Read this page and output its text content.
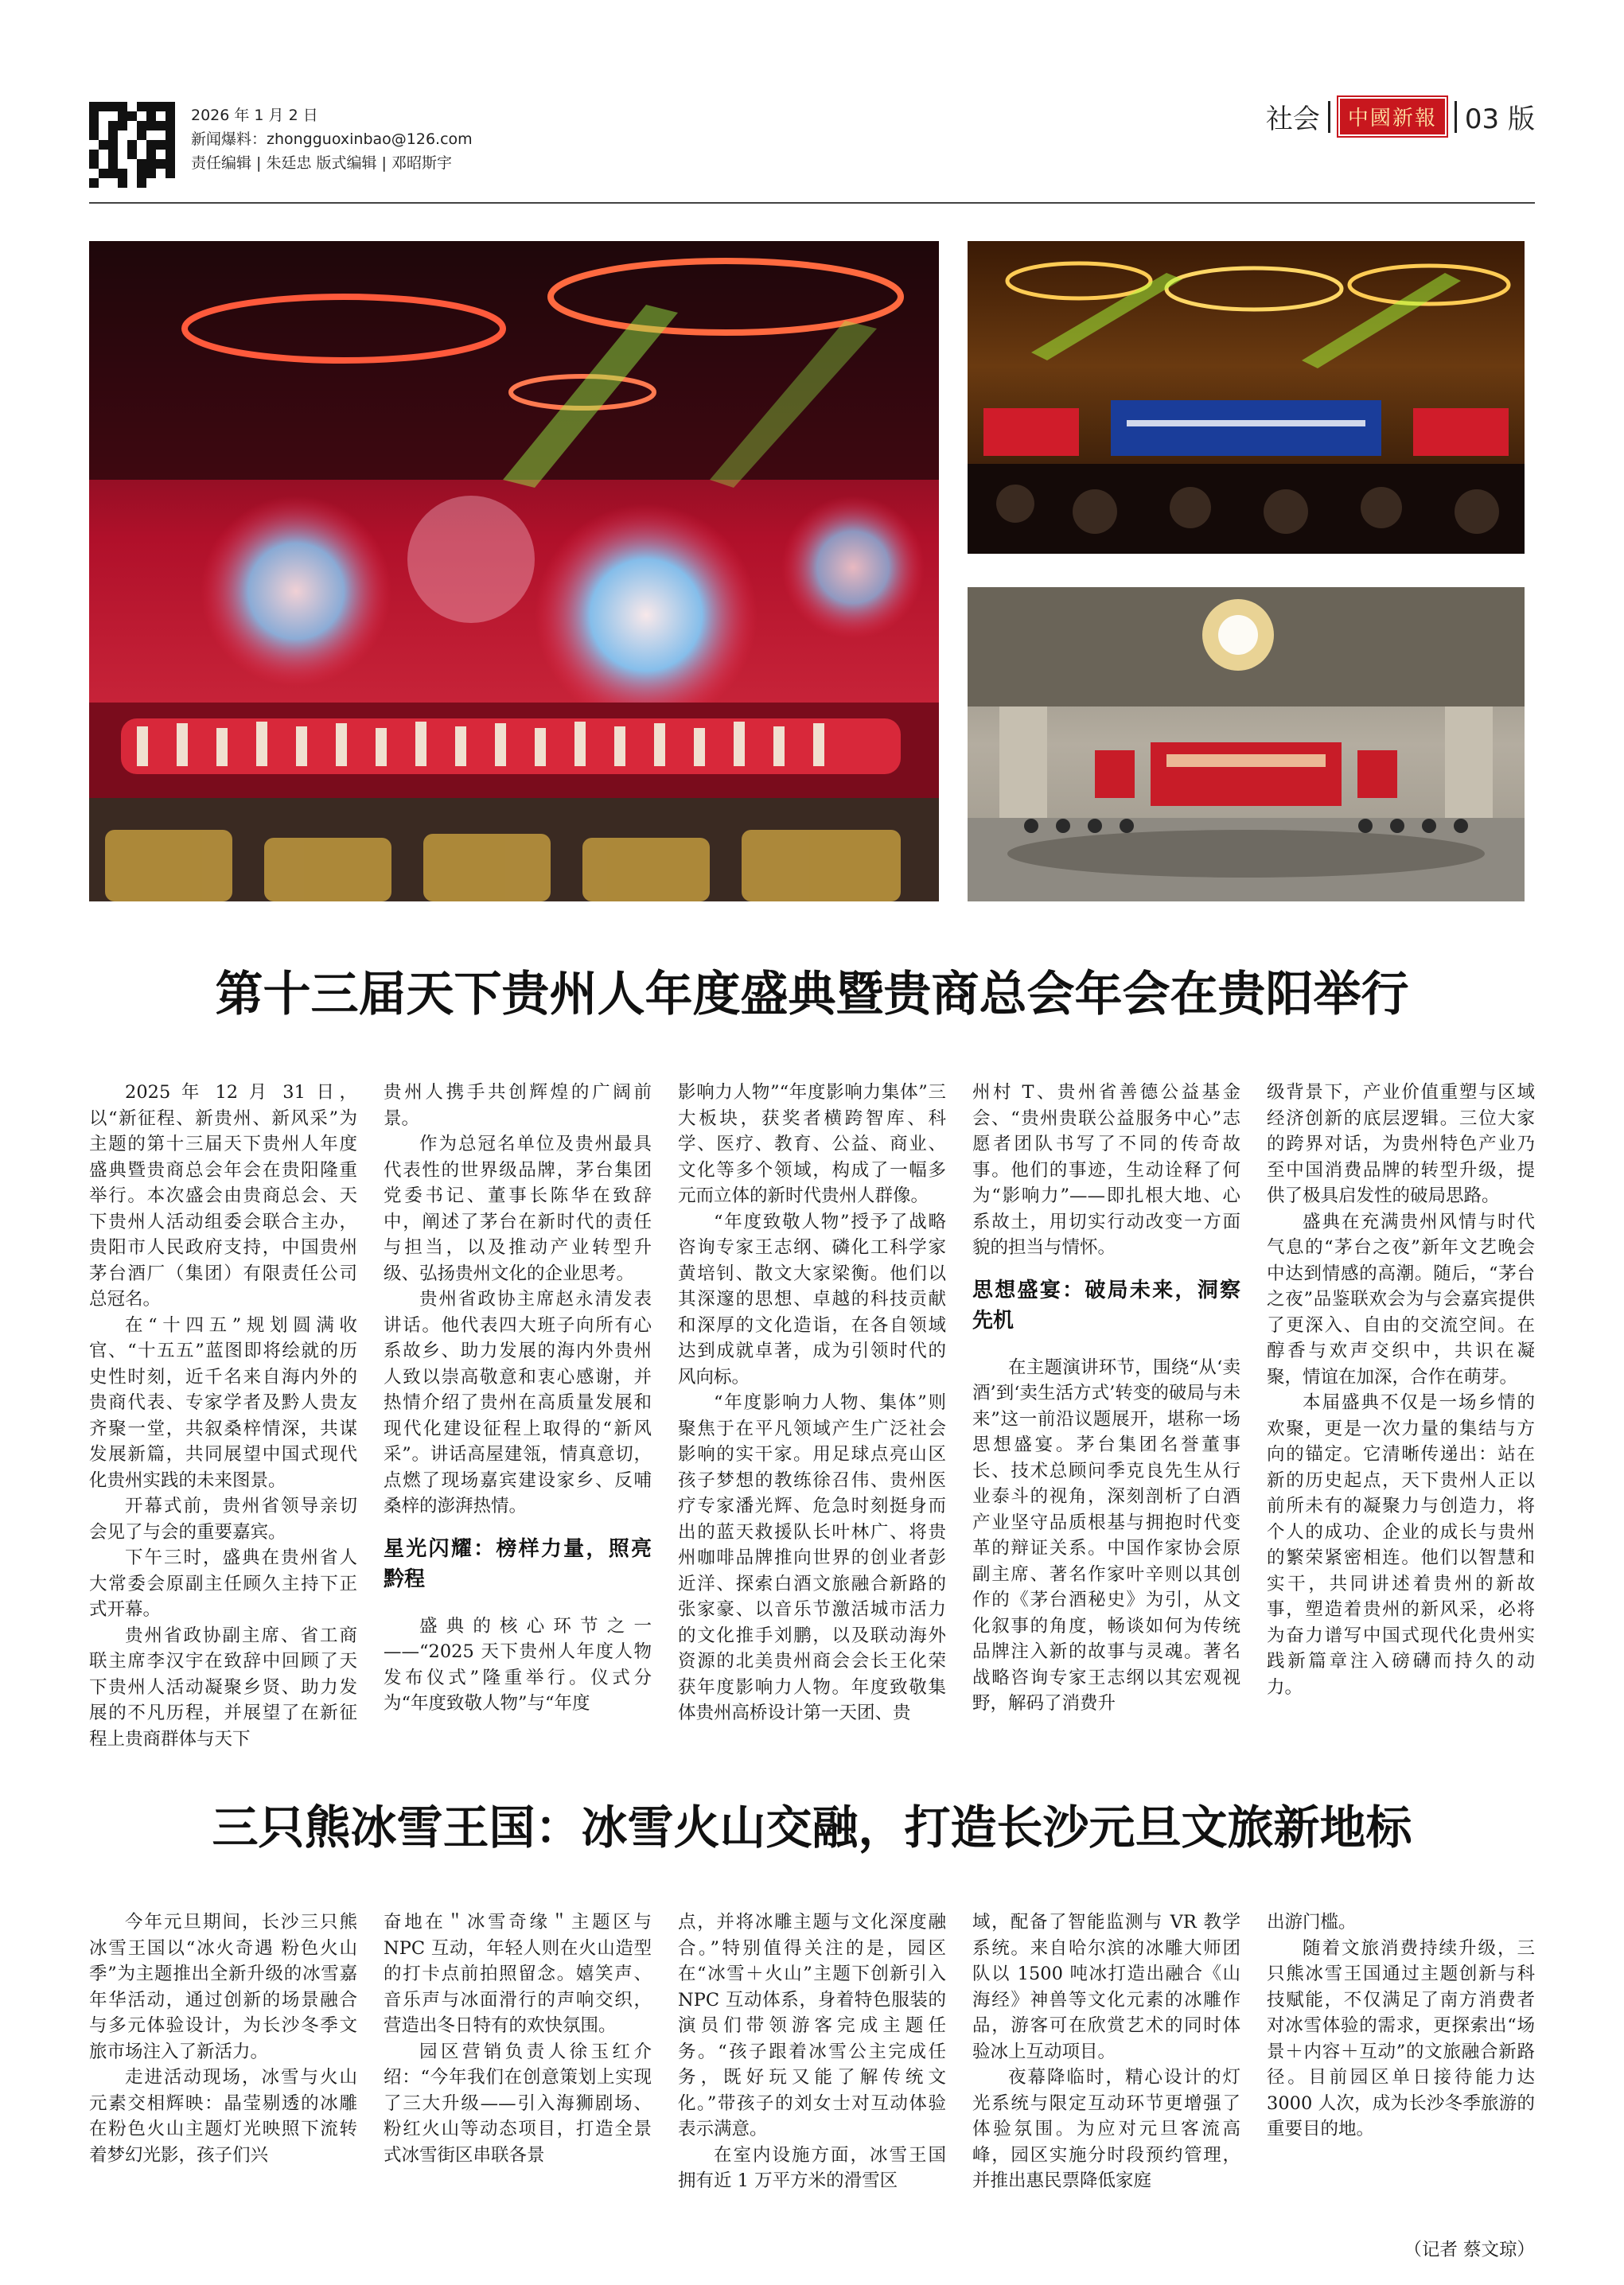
2026 年 1 月 2 日
新闻爆料：zhongguoxinbao@126.com
责任编辑 | 朱廷忠 版式编辑 | 邓昭斯宇
社会	中國新報	03 版
第十三届天下贵州人年度盛典暨贵商总会年会在贵阳举行

2025 年 12 月 31 日，以“新征程、新贵州、新风采”为主题的第十三届天下贵州人年度盛典暨贵商总会年会在贵阳隆重举行。本次盛会由贵商总会、天下贵州人活动组委会联合主办，贵阳市人民政府支持，中国贵州茅台酒厂（集团）有限责任公司总冠名。

在“十四五”规划圆满收官、“十五五”蓝图即将绘就的历史性时刻，近千名来自海内外的贵商代表、专家学者及黔人贵友齐聚一堂，共叙桑梓情深，共谋发展新篇，共同展望中国式现代化贵州实践的未来图景。

开幕式前，贵州省领导亲切会见了与会的重要嘉宾。

下午三时，盛典在贵州省人大常委会原副主任顾久主持下正式开幕。

贵州省政协副主席、省工商联主席李汉宇在致辞中回顾了天下贵州人活动凝聚乡贤、助力发展的不凡历程，并展望了在新征程上贵商群体与天下

贵州人携手共创辉煌的广阔前景。

作为总冠名单位及贵州最具代表性的世界级品牌，茅台集团党委书记、董事长陈华在致辞中，阐述了茅台在新时代的责任与担当，以及推动产业转型升级、弘扬贵州文化的企业思考。

贵州省政协主席赵永清发表讲话。他代表四大班子向所有心系故乡、助力发展的海内外贵州人致以崇高敬意和衷心感谢，并热情介绍了贵州在高质量发展和现代化建设征程上取得的“新风采”。讲话高屋建瓴，情真意切，点燃了现场嘉宾建设家乡、反哺桑梓的澎湃热情。

星光闪耀：榜样力量，照亮黔程

盛典的核心环节之一——“2025 天下贵州人年度人物发布仪式”隆重举行。仪式分为“年度致敬人物”与“年度

影响力人物”“年度影响力集体”三大板块，获奖者横跨智库、科学、医疗、教育、公益、商业、文化等多个领域，构成了一幅多元而立体的新时代贵州人群像。

“年度致敬人物”授予了战略咨询专家王志纲、磷化工科学家黄培钊、散文大家梁衡。他们以其深邃的思想、卓越的科技贡献和深厚的文化造诣，在各自领域达到成就卓著，成为引领时代的风向标。

“年度影响力人物、集体”则聚焦于在平凡领域产生广泛社会影响的实干家。用足球点亮山区孩子梦想的教练徐召伟、贵州医疗专家潘光辉、危急时刻挺身而出的蓝天救援队长叶林广、将贵州咖啡品牌推向世界的创业者彭近洋、探索白酒文旅融合新路的张家豪、以音乐节激活城市活力的文化推手刘鹏，以及联动海外资源的北美贵州商会会长王化荣获年度影响力人物。年度致敬集体贵州高桥设计第一天团、贵

州村 T、贵州省善德公益基金会、“贵州贵联公益服务中心”志愿者团队书写了不同的传奇故事。他们的事迹，生动诠释了何为“影响力”——即扎根大地、心系故土，用切实行动改变一方面貌的担当与情怀。

思想盛宴：破局未来，洞察先机

在主题演讲环节，围绕“从‘卖酒’到‘卖生活方式’转变的破局与未来”这一前沿议题展开，堪称一场思想盛宴。茅台集团名誉董事长、技术总顾问季克良先生从行业泰斗的视角，深刻剖析了白酒产业坚守品质根基与拥抱时代变革的辩证关系。中国作家协会原副主席、著名作家叶辛则以其创作的《茅台酒秘史》为引，从文化叙事的角度，畅谈如何为传统品牌注入新的故事与灵魂。著名战略咨询专家王志纲以其宏观视野，解码了消费升

级背景下，产业价值重塑与区域经济创新的底层逻辑。三位大家的跨界对话，为贵州特色产业乃至中国消费品牌的转型升级，提供了极具启发性的破局思路。

盛典在充满贵州风情与时代气息的“茅台之夜”新年文艺晚会中达到情感的高潮。随后，“茅台之夜”品鉴联欢会为与会嘉宾提供了更深入、自由的交流空间。在醇香与欢声交织中，共识在凝聚，情谊在加深，合作在萌芽。

本届盛典不仅是一场乡情的欢聚，更是一次力量的集结与方向的锚定。它清晰传递出：站在新的历史起点，天下贵州人正以前所未有的凝聚力与创造力，将个人的成功、企业的成长与贵州的繁荣紧密相连。他们以智慧和实干，共同讲述着贵州的新故事，塑造着贵州的新风采，必将为奋力谱写中国式现代化贵州实践新篇章注入磅礴而持久的动力。

三只熊冰雪王国：冰雪火山交融，打造长沙元旦文旅新地标

今年元旦期间，长沙三只熊冰雪王国以“冰火奇遇 粉色火山季”为主题推出全新升级的冰雪嘉年华活动，通过创新的场景融合与多元体验设计，为长沙冬季文旅市场注入了新活力。

走进活动现场，冰雪与火山元素交相辉映：晶莹剔透的冰雕在粉色火山主题灯光映照下流转着梦幻光影，孩子们兴

奋地在＂冰雪奇缘＂主题区与 NPC 互动，年轻人则在火山造型的打卡点前拍照留念。嬉笑声、音乐声与冰面滑行的声响交织，营造出冬日特有的欢快氛围。

园区营销负责人徐玉红介绍：“今年我们在创意策划上实现了三大升级——引入海狮剧场、粉红火山等动态项目，打造全景式冰雪街区串联各景

点，并将冰雕主题与文化深度融合。”特别值得关注的是，园区在“冰雪＋火山”主题下创新引入 NPC 互动体系，身着特色服装的演员们带领游客完成主题任务。“孩子跟着冰雪公主完成任务，既好玩又能了解传统文化。”带孩子的刘女士对互动体验表示满意。

在室内设施方面，冰雪王国拥有近 1 万平方米的滑雪区

域，配备了智能监测与 VR 教学系统。来自哈尔滨的冰雕大师团队以 1500 吨冰打造出融合《山海经》神兽等文化元素的冰雕作品，游客可在欣赏艺术的同时体验冰上互动项目。

夜幕降临时，精心设计的灯光系统与限定互动环节更增强了体验氛围。为应对元旦客流高峰，园区实施分时段预约管理，并推出惠民票降低家庭

出游门槛。

随着文旅消费持续升级，三只熊冰雪王国通过主题创新与科技赋能，不仅满足了南方消费者对冰雪体验的需求，更探索出“场景＋内容＋互动”的文旅融合新路径。目前园区单日接待能力达 3000 人次，成为长沙冬季旅游的重要目的地。

（记者 蔡文琼）
